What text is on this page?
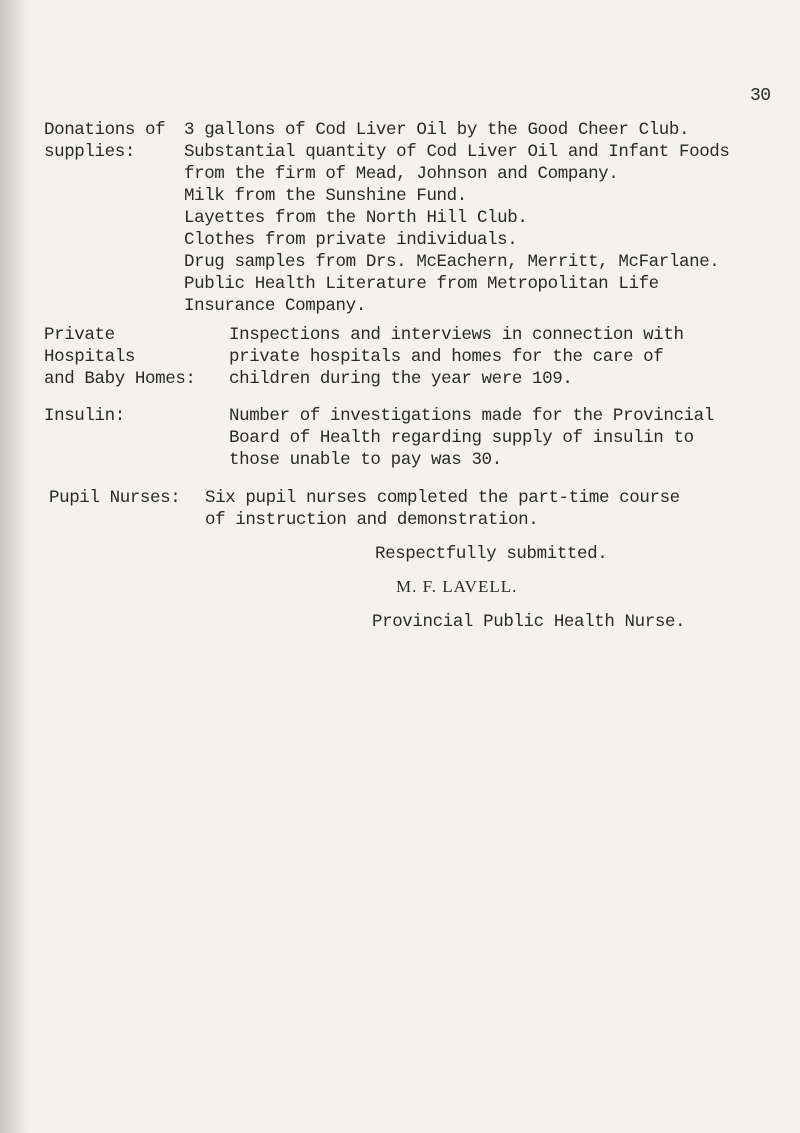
30
Donations of
supplies:
3 gallons of Cod Liver Oil by the Good Cheer Club.
Substantial quantity of Cod Liver Oil and Infant Foods
from the firm of Mead, Johnson and Company.
Milk from the Sunshine Fund.
Layettes from the North Hill Club.
Clothes from private individuals.
Drug samples from Drs. McEachern, Merritt, McFarlane.
Public Health Literature from Metropolitan Life
Insurance Company.
Private
Hospitals
and Baby Homes:
Inspections and interviews in connection with
private hospitals and homes for the care of
children during the year were 109.
Insulin:	Number of investigations made for the Provincial
Board of Health regarding supply of insulin to
those unable to pay was 30.
Pupil Nurses: Six pupil nurses completed the part-time course
of instruction and demonstration.
Respectfully submitted.
M. F. LAVELL.
Provincial Public Health Nurse.
